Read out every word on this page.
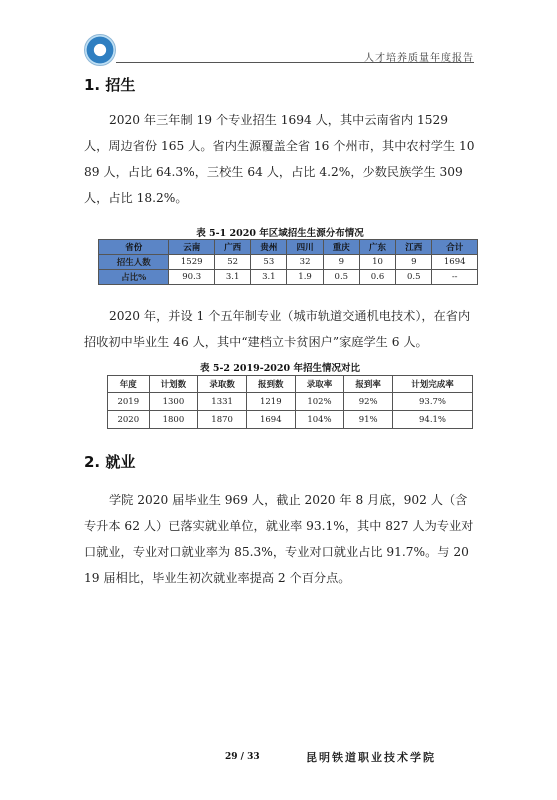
人才培养质量年度报告
1. 招生

2020 年三年制 19 个专业招生 1694 人，其中云南省内 1529 人，周边省份 165 人。省内生源覆盖全省 16 个州市，其中农村学生 1089 人，占比 64.3%，三校生 64 人，占比 4.2%，少数民族学生 309 人，占比 18.2%。

表 5-1 2020 年区域招生生源分布情况
省份	云南	广西	贵州	四川	重庆	广东	江西	合计
招生人数	1529	52	53	32	9	10	9	1694
占比%	90.3	3.1	3.1	1.9	0.5	0.6	0.5	--

2020 年，并设 1 个五年制专业（城市轨道交通机电技术），在省内招收初中毕业生 46 人，其中“建档立卡贫困户”家庭学生 6 人。

表 5-2 2019-2020 年招生情况对比
年度	计划数	录取数	报到数	录取率	报到率	计划完成率
2019	1300	1331	1219	102%	92%	93.7%
2020	1800	1870	1694	104%	91%	94.1%
2. 就业

学院 2020 届毕业生 969 人，截止 2020 年 8 月底，902 人（含专升本 62 人）已落实就业单位，就业率 93.1%，其中 827 人为专业对口就业，专业对口就业率为 85.3%，专业对口就业占比 91.7%。与 2019 届相比，毕业生初次就业率提高 2 个百分点。

29 / 33	昆明铁道职业技术学院
